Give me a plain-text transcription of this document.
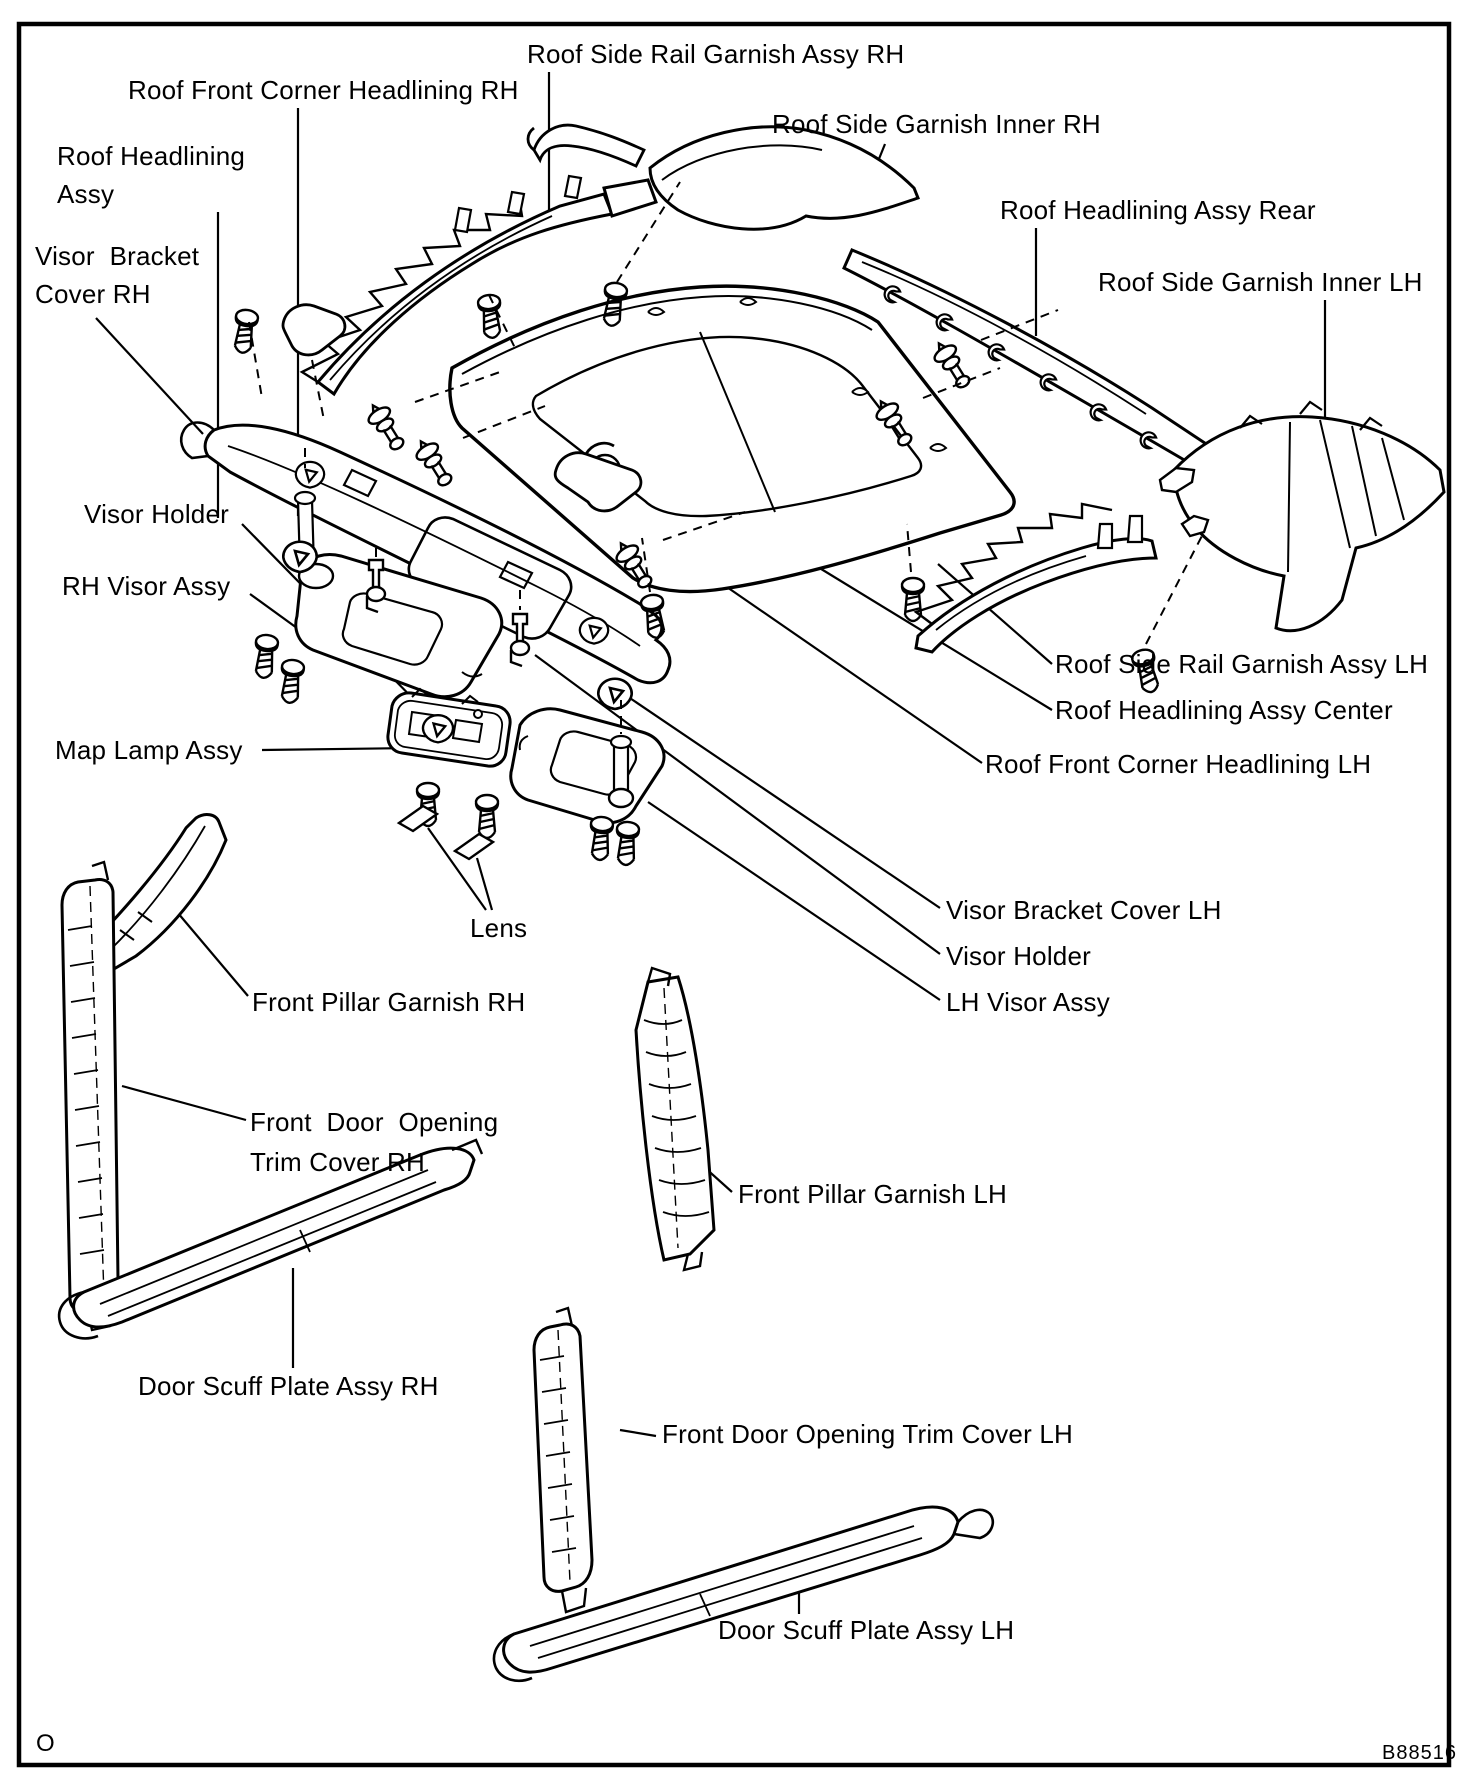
Roof Side Rail Garnish Assy RH
Roof Front Corner Headlining RH
Roof Side Garnish Inner RH
Roof Headlining
Assy
Roof Headlining Assy Rear
Visor  Bracket
Cover RH	Roof Side Garnish Inner LH
Visor Holder
RH Visor Assy
Map Lamp Assy
Roof Side Rail Garnish Assy LH
Roof Headlining Assy Center
Roof Front Corner Headlining LH
Lens
Visor Bracket Cover LH
Visor Holder
LH Visor Assy
Front Pillar Garnish RH
Front  Door  Opening
Trim Cover RH
Front Pillar Garnish LH
Door Scuff Plate Assy RH
Front Door Opening Trim Cover LH
Door Scuff Plate Assy LH
O	B88516
